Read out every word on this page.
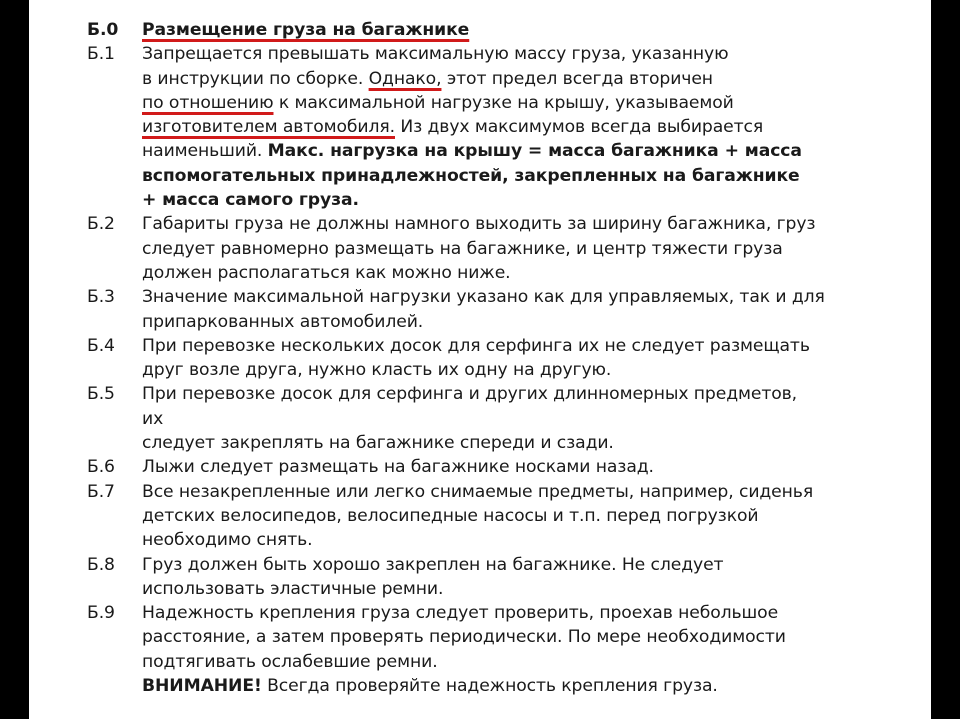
Б.0	Размещение груза на багажнике
Б.1	Запрещается превышать максимальную массу груза, указанную
в инструкции по сборке. Однако, этот предел всегда вторичен
по отношению к максимальной нагрузке на крышу, указываемой
изготовителем автомобиля. Из двух максимумов всегда выбирается
наименьший. Макс. нагрузка на крышу = масса багажника + масса
вспомогательных принадлежностей, закрепленных на багажнике
+ масса самого груза.
Б.2	Габариты груза не должны намного выходить за ширину багажника, груз
следует равномерно размещать на багажнике, и центр тяжести груза
должен располагаться как можно ниже.
Б.3	Значение максимальной нагрузки указано как для управляемых, так и для
припаркованных автомобилей.
Б.4	При перевозке нескольких досок для серфинга их не следует размещать
друг возле друга, нужно класть их одну на другую.
Б.5	При перевозке досок для серфинга и других длинномерных предметов,
их
следует закреплять на багажнике спереди и сзади.
Б.6	Лыжи следует размещать на багажнике носками назад.
Б.7	Все незакрепленные или легко снимаемые предметы, например, сиденья
детских велосипедов, велосипедные насосы и т.п. перед погрузкой
необходимо снять.
Б.8	Груз должен быть хорошо закреплен на багажнике. Не следует
использовать эластичные ремни.
Б.9	Надежность крепления груза следует проверить, проехав небольшое
расстояние, а затем проверять периодически. По мере необходимости
подтягивать ослабевшие ремни.
ВНИМАНИЕ! Всегда проверяйте надежность крепления груза.
